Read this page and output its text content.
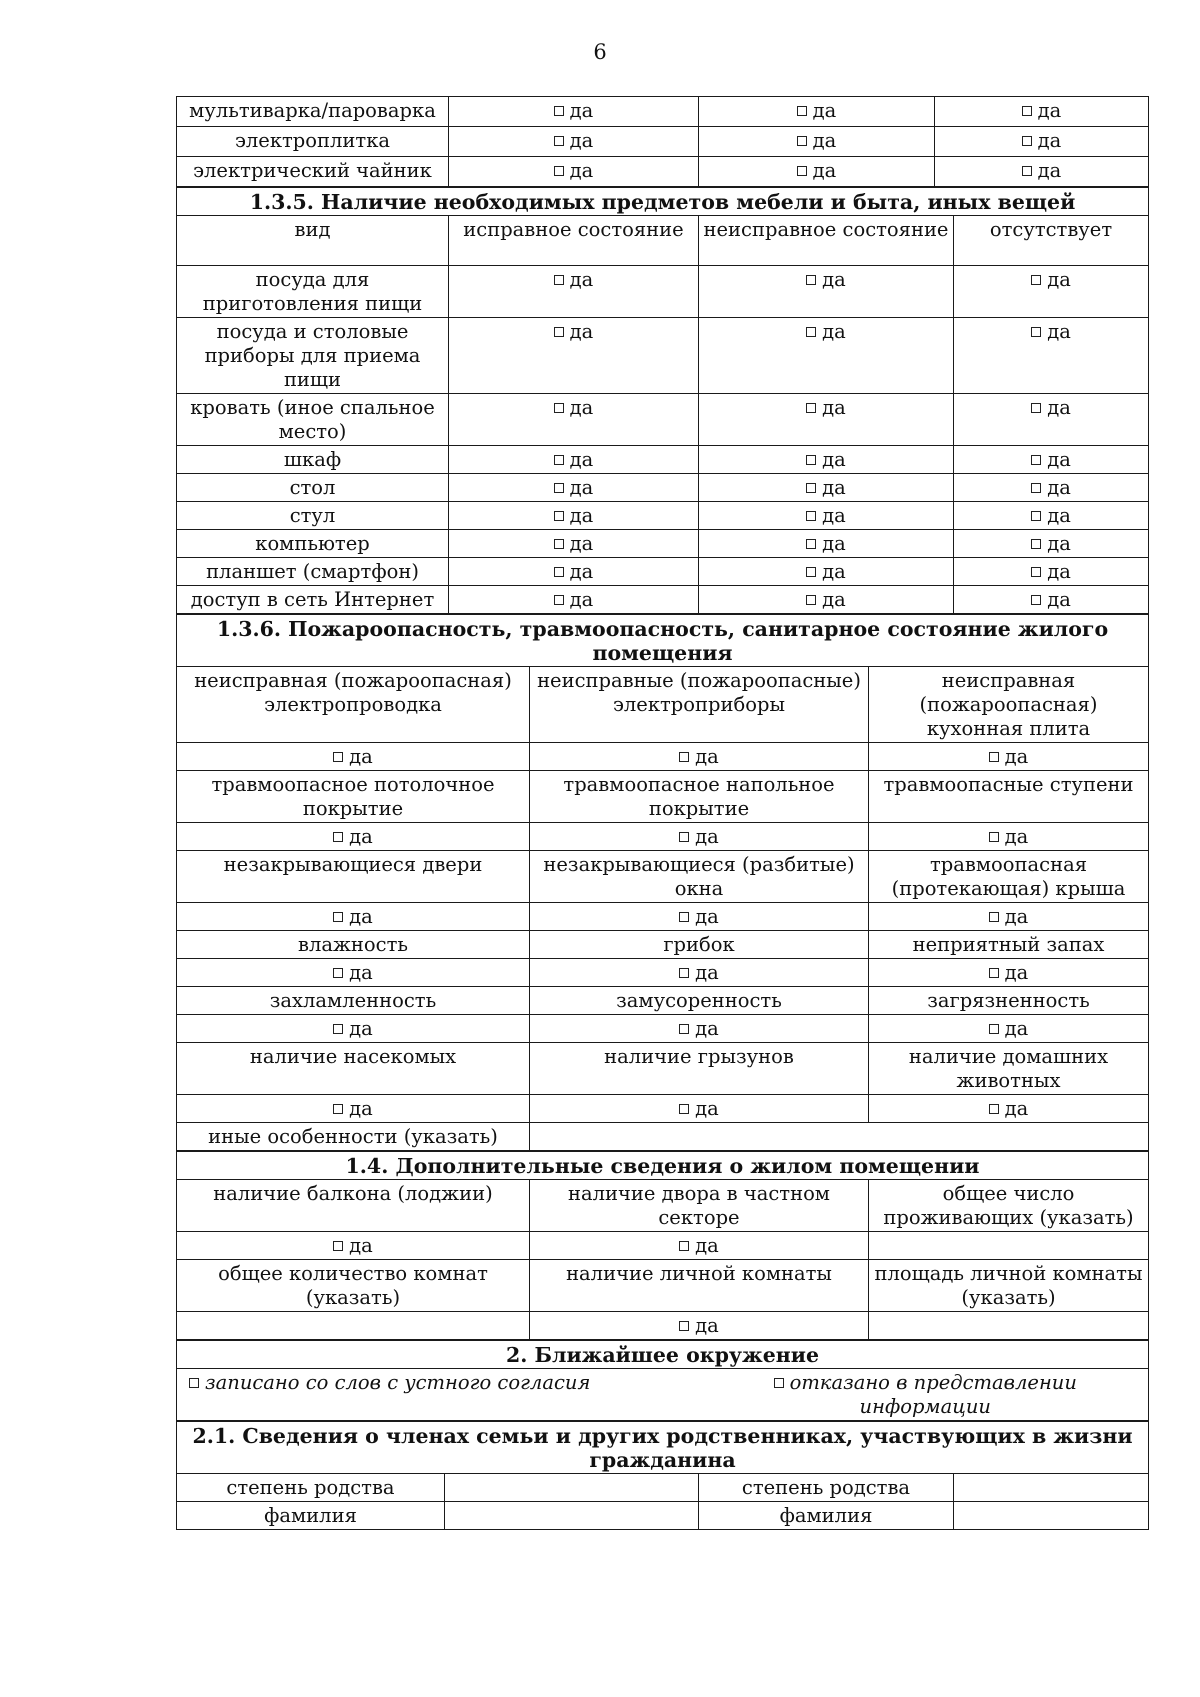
6
мультиварка/пароварка	да	да	да
электроплитка	да	да	да
электрический чайник	да	да	да
1.3.5. Наличие необходимых предметов мебели и быта, иных вещей			
вид	исправное состояние	неисправное состояние	отсутствует
посуда для приготовления пищи	да	да	да
посуда и столовые приборы для приема пищи	да	да	да
кровать (иное спальное место)	да	да	да
шкаф	да	да	да
стол	да	да	да
стул	да	да	да
компьютер	да	да	да
планшет (смартфон)	да	да	да
доступ в сеть Интернет	да	да	да
1.3.6. Пожароопасность, травмоопасность, санитарное состояние жилого помещения		
неисправная (пожароопасная) электропроводка	неисправные (пожароопасные) электроприборы	неисправная (пожароопасная) кухонная плита
да	да	да
травмоопасное потолочное покрытие	травмоопасное напольное покрытие	травмоопасные ступени
да	да	да
незакрывающиеся двери	незакрывающиеся (разбитые) окна	травмоопасная (протекающая) крыша
да	да	да
влажность	грибок	неприятный запах
да	да	да
захламленность	замусоренность	загрязненность
да	да	да
наличие насекомых	наличие грызунов	наличие домашних животных
да	да	да
иные особенности (указать)		
1.4. Дополнительные сведения о жилом помещении		
наличие балкона (лоджии)	наличие двора в частном секторе	общее число проживающих (указать)
да	да	
общее количество комнат (указать)	наличие личной комнаты	площадь личной комнаты (указать)
	да	
2. Ближайшее окружение
записано со слов с устного согласия	отказано в представлении информации
2.1. Сведения о членах семьи и других родственниках, участвующих в жизни гражданина			
степень родства		степень родства	
фамилия		фамилия	
